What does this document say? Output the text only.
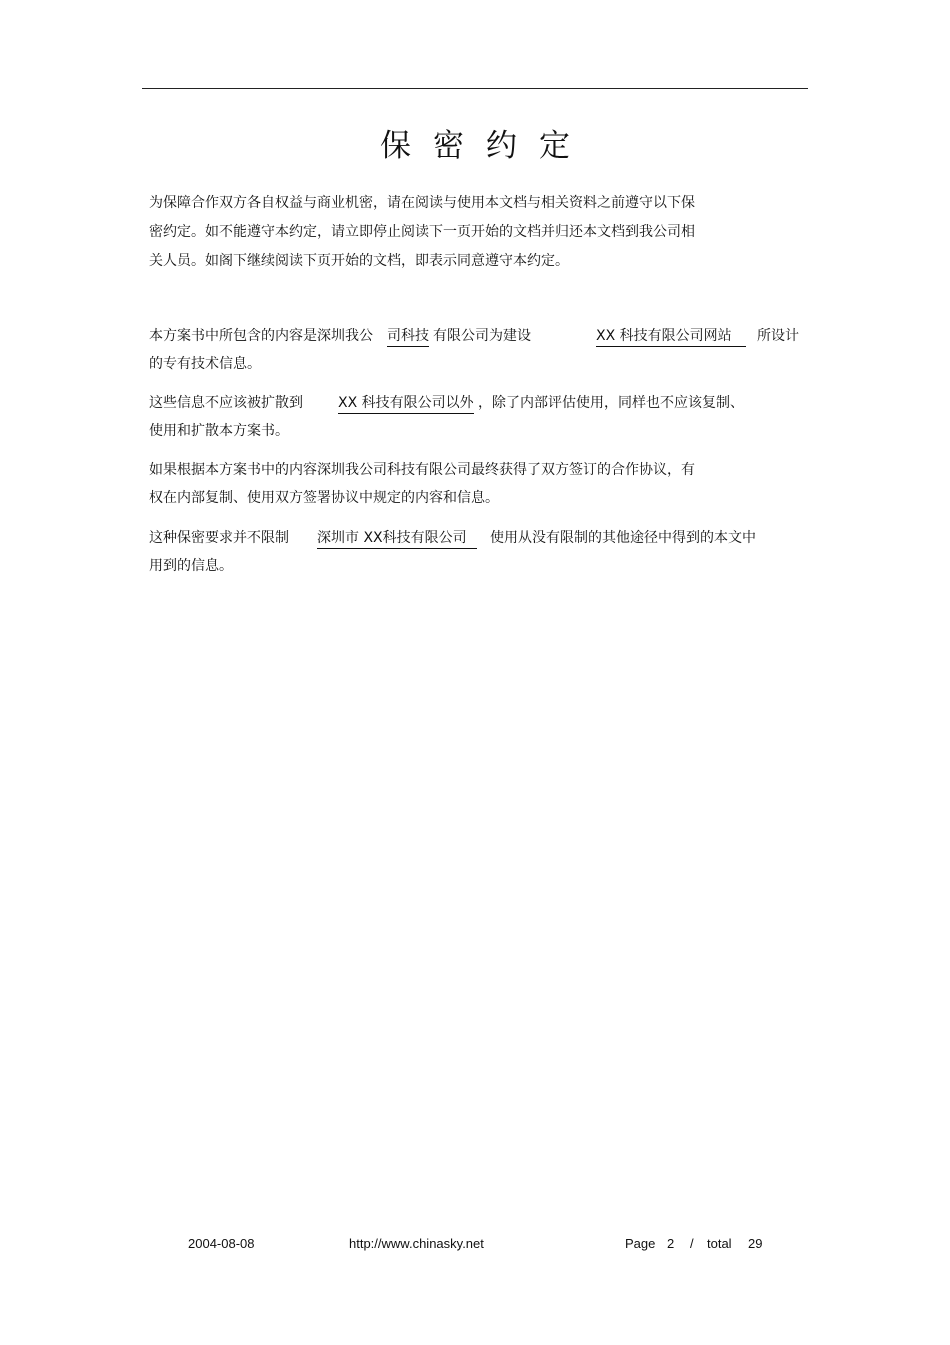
保密约定
为保障合作双方各自权益与商业机密，请在阅读与使用本文档与相关资料之前遵守以下保
密约定。如不能遵守本约定，请立即停止阅读下一页开始的文档并归还本文档到我公司相
关人员。如阁下继续阅读下页开始的文档，即表示同意遵守本约定。
本方案书中所包含的内容是深圳我公 司科技 有限公司为建设	XX 科技有限公司网站	所设计
的专有技术信息。
这些信息不应该被扩散到	XX 科技有限公司以外 ，除了内部评估使用，同样也不应该复制、
使用和扩散本方案书。
如果根据本方案书中的内容深圳我公司科技有限公司最终获得了双方签订的合作协议，有
权在内部复制、使用双方签署协议中规定的内容和信息。
这种保密要求并不限制 深圳市 XX科技有限公司	使用从没有限制的其他途径中得到的本文中
用到的信息。
2004-08-08	http://www.chinasky.net	Page 2 / total 29
